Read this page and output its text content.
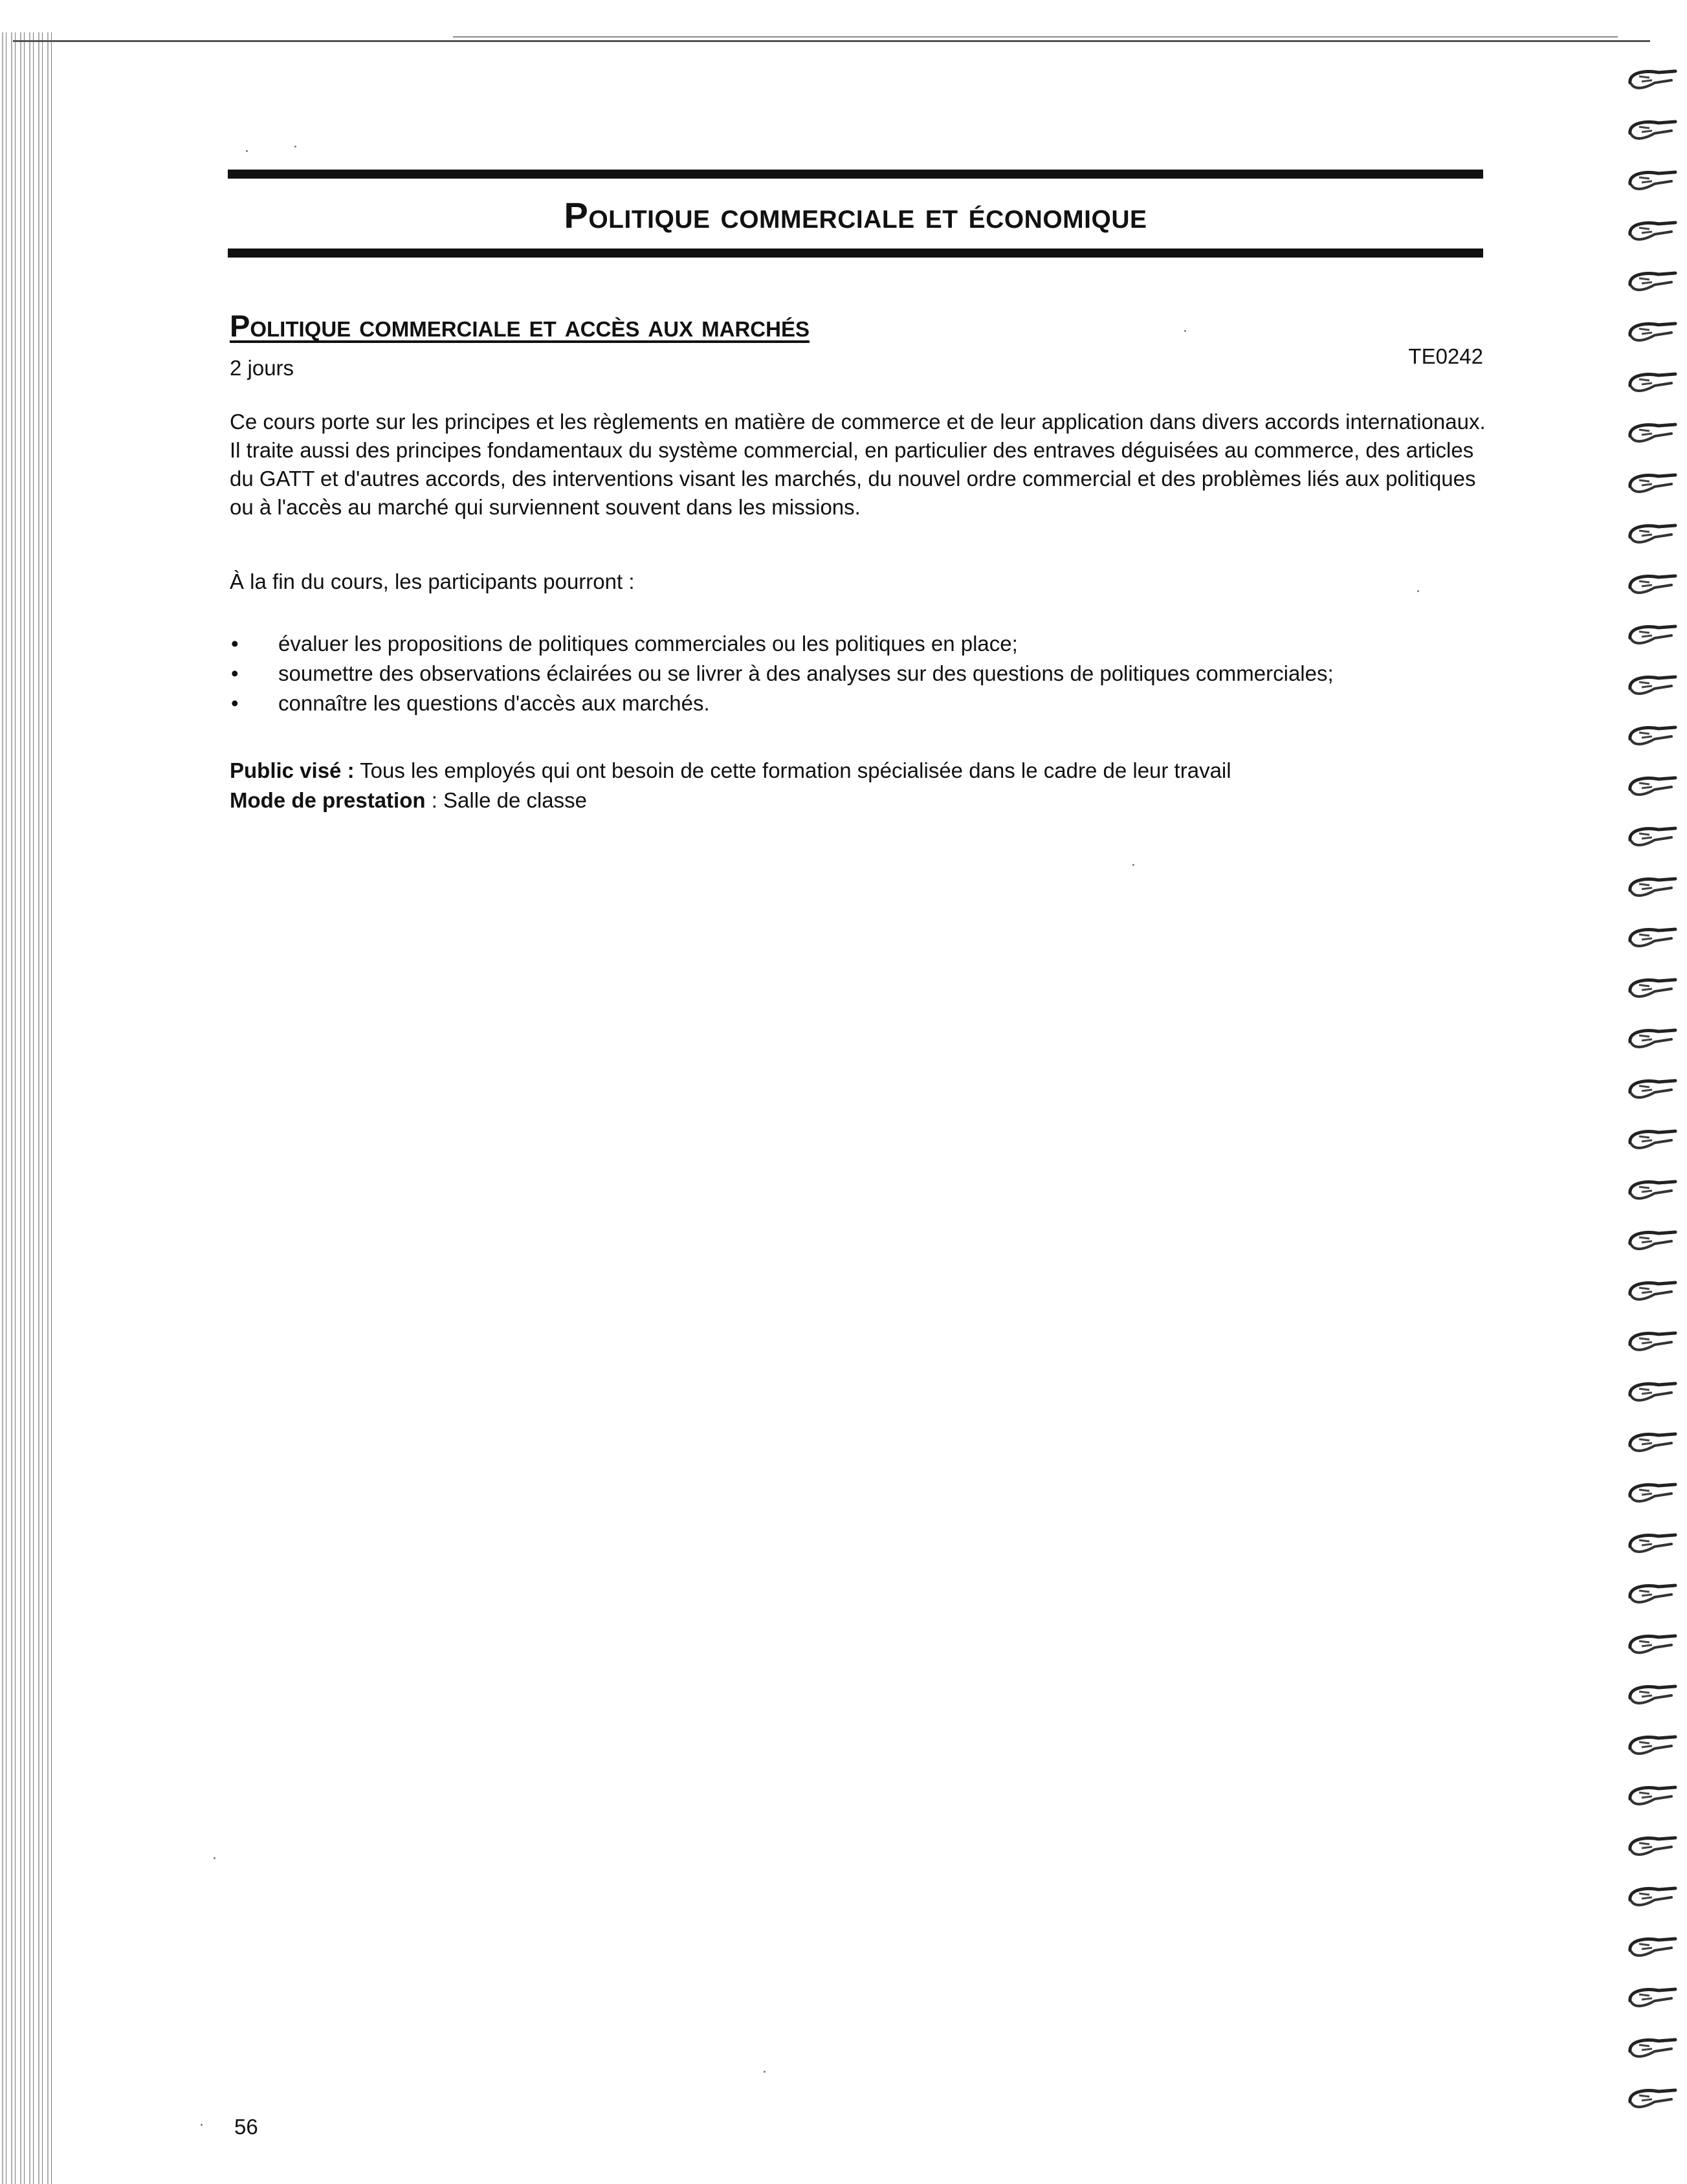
Politique commerciale et économique
Politique commerciale et accès aux marchés
2 jours	TE0242

Ce cours porte sur les principes et les règlements en matière de commerce et de leur application dans divers accords internationaux. Il traite aussi des principes fondamentaux du système commercial, en particulier des entraves déguisées au commerce, des articles du GATT et d'autres accords, des interventions visant les marchés, du nouvel ordre commercial et des problèmes liés aux politiques ou à l'accès au marché qui surviennent souvent dans les missions.

À la fin du cours, les participants pourront :

• évaluer les propositions de politiques commerciales ou les politiques en place;
• soumettre des observations éclairées ou se livrer à des analyses sur des questions de politiques commerciales;
• connaître les questions d'accès aux marchés.
Public visé : Tous les employés qui ont besoin de cette formation spécialisée dans le cadre de leur travail
Mode de prestation : Salle de classe
56
